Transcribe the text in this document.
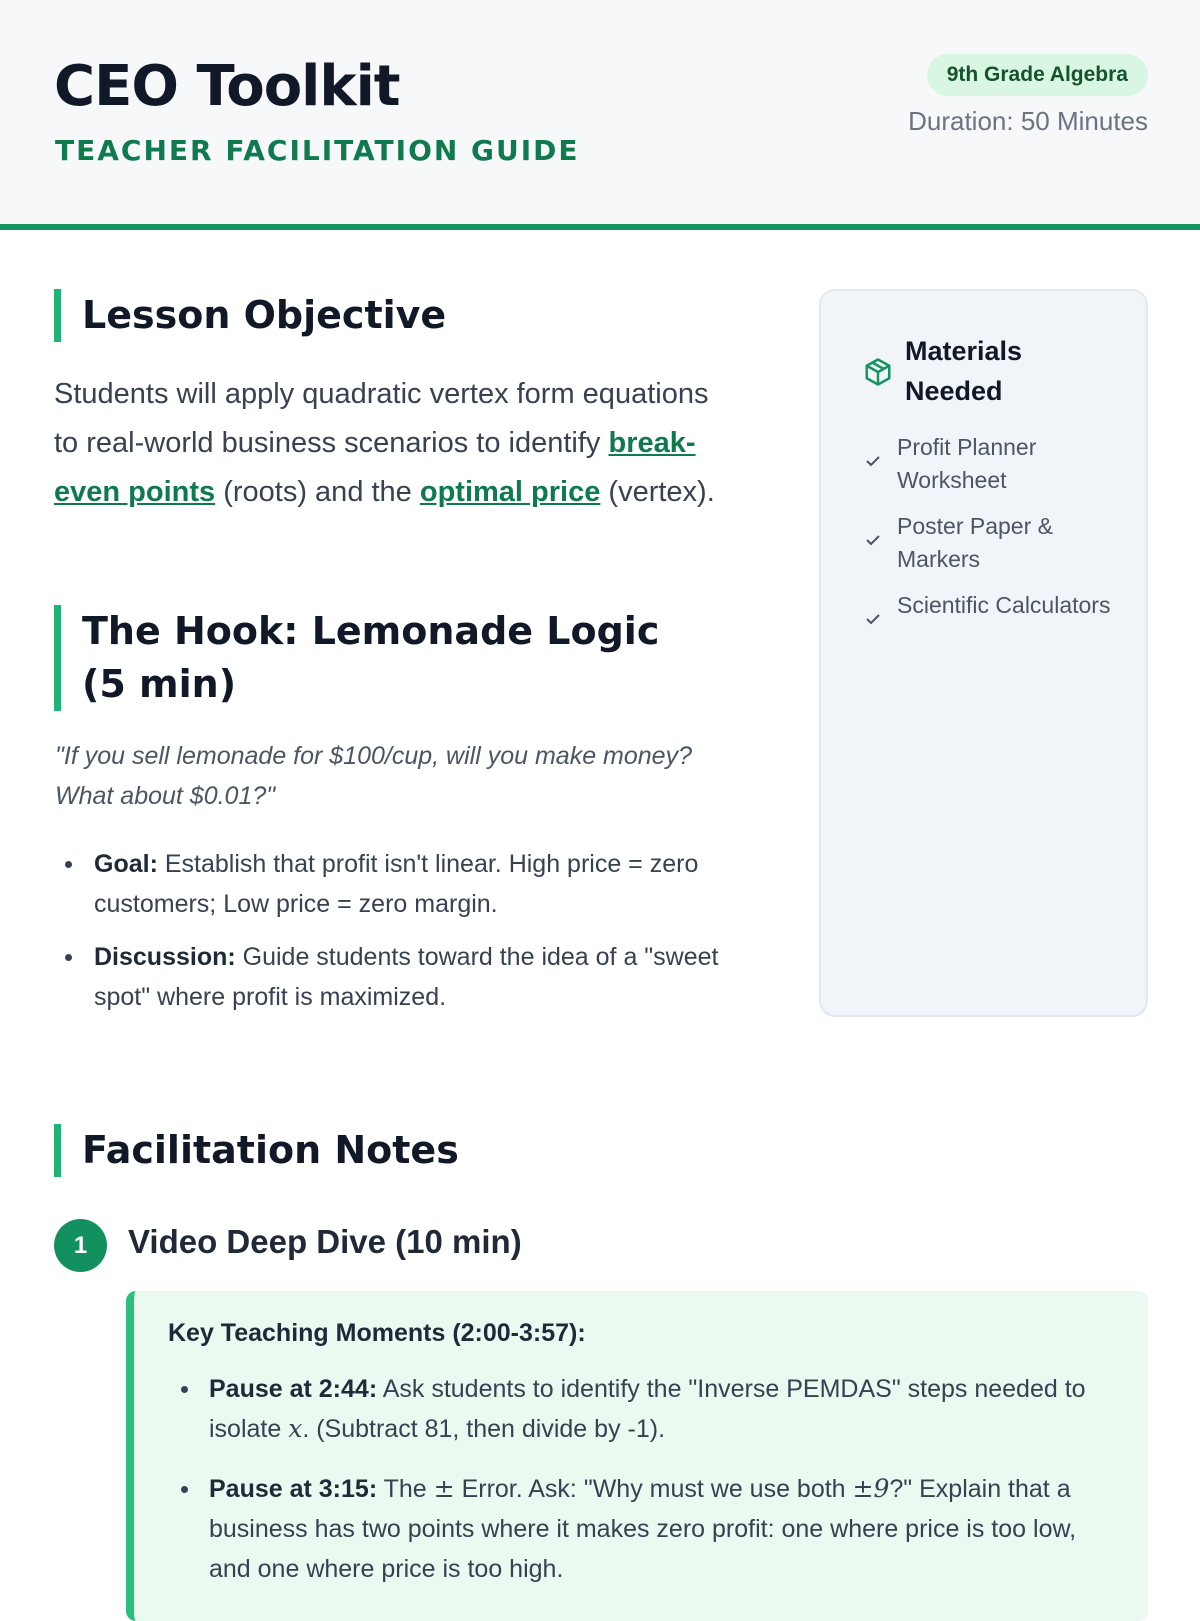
CEO Toolkit
TEACHER FACILITATION GUIDE
9th Grade Algebra
Duration: 50 Minutes
Lesson Objective

Students will apply quadratic vertex form equations to real-world business scenarios to identify break-even points (roots) and the optimal price (vertex).

The Hook: Lemonade Logic (5 min)

"If you sell lemonade for $100/cup, will you make money? What about $0.01?"

Goal: Establish that profit isn't linear. High price = zero customers; Low price = zero margin.
Discussion: Guide students toward the idea of a "sweet spot" where profit is maximized.
Materials Needed
Profit Planner Worksheet
Poster Paper & Markers
Scientific Calculators
Facilitation Notes
1	Video Deep Dive (10 min)
Key Teaching Moments (2:00-3:57):
Pause at 2:44: Ask students to identify the "Inverse PEMDAS" steps needed to isolate x. (Subtract 81, then divide by -1).
Pause at 3:15: The ± Error. Ask: "Why must we use both ±9?" Explain that a business has two points where it makes zero profit: one where price is too low, and one where price is too high.
